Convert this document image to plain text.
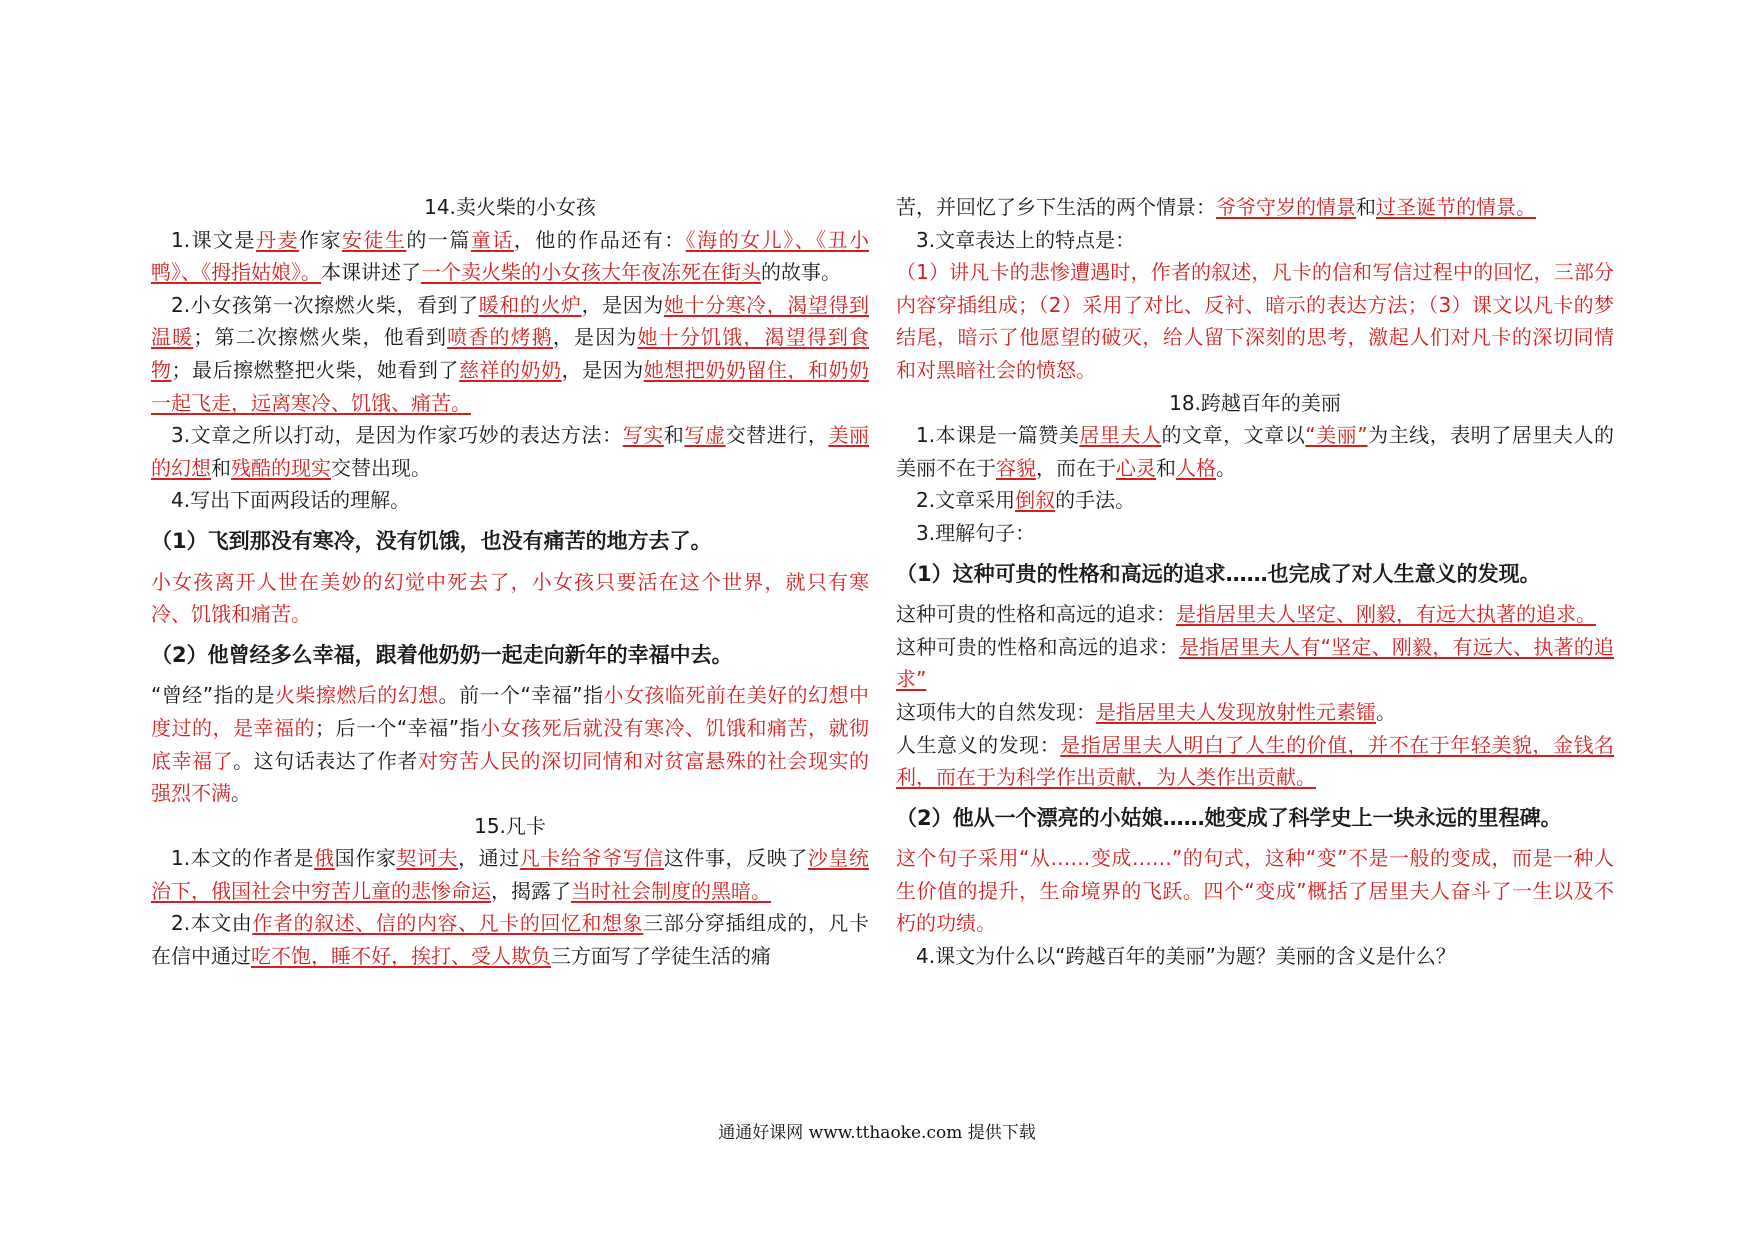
14.卖火柴的小女孩
1.课文是丹麦作家安徒生的一篇童话，他的作品还有：《海的女儿》、《丑小鸭》、《拇指姑娘》。本课讲述了一个卖火柴的小女孩大年夜冻死在街头的故事。
2.小女孩第一次擦燃火柴，看到了暖和的火炉，是因为她十分寒冷，渴望得到温暖；第二次擦燃火柴，他看到喷香的烤鹅，是因为她十分饥饿，渴望得到食物；最后擦燃整把火柴，她看到了慈祥的奶奶，是因为她想把奶奶留住，和奶奶一起飞走，远离寒冷、饥饿、痛苦。
3.文章之所以打动，是因为作家巧妙的表达方法：写实和写虚交替进行，美丽的幻想和残酷的现实交替出现。
4.写出下面两段话的理解。
（1）飞到那没有寒冷，没有饥饿，也没有痛苦的地方去了。
小女孩离开人世在美妙的幻觉中死去了，小女孩只要活在这个世界，就只有寒冷、饥饿和痛苦。
（2）他曾经多么幸福，跟着他奶奶一起走向新年的幸福中去。
“曾经”指的是火柴擦燃后的幻想。前一个“幸福”指小女孩临死前在美好的幻想中度过的，是幸福的；后一个“幸福”指小女孩死后就没有寒冷、饥饿和痛苦，就彻底幸福了。这句话表达了作者对穷苦人民的深切同情和对贫富悬殊的社会现实的强烈不满。
15.凡卡
1.本文的作者是俄国作家契诃夫，通过凡卡给爷爷写信这件事，反映了沙皇统治下，俄国社会中穷苦儿童的悲惨命运，揭露了当时社会制度的黑暗。
2.本文由作者的叙述、信的内容、凡卡的回忆和想象三部分穿插组成的，凡卡在信中通过吃不饱，睡不好，挨打、受人欺负三方面写了学徒生活的痛
苦，并回忆了乡下生活的两个情景：爷爷守岁的情景和过圣诞节的情景。
3.文章表达上的特点是：
（1）讲凡卡的悲惨遭遇时，作者的叙述，凡卡的信和写信过程中的回忆，三部分内容穿插组成；（2）采用了对比、反衬、暗示的表达方法；（3）课文以凡卡的梦结尾，暗示了他愿望的破灭，给人留下深刻的思考，激起人们对凡卡的深切同情和对黑暗社会的愤怒。
18.跨越百年的美丽
1.本课是一篇赞美居里夫人的文章，文章以“美丽”为主线，表明了居里夫人的美丽不在于容貌，而在于心灵和人格。
2.文章采用倒叙的手法。
3.理解句子：
（1）这种可贵的性格和高远的追求……也完成了对人生意义的发现。
这种可贵的性格和高远的追求：是指居里夫人坚定、刚毅，有远大执著的追求。
这种可贵的性格和高远的追求：是指居里夫人有“坚定、刚毅，有远大、执著的追求”
这项伟大的自然发现：是指居里夫人发现放射性元素镭。
人生意义的发现：是指居里夫人明白了人生的价值，并不在于年轻美貌，金钱名利，而在于为科学作出贡献，为人类作出贡献。
（2）他从一个漂亮的小姑娘……她变成了科学史上一块永远的里程碑。
这个句子采用“从……变成……”的句式，这种“变”不是一般的变成，而是一种人生价值的提升，生命境界的飞跃。四个“变成”概括了居里夫人奋斗了一生以及不朽的功绩。
4.课文为什么以“跨越百年的美丽”为题？美丽的含义是什么？
通通好课网 www.tthaoke.com 提供下载
